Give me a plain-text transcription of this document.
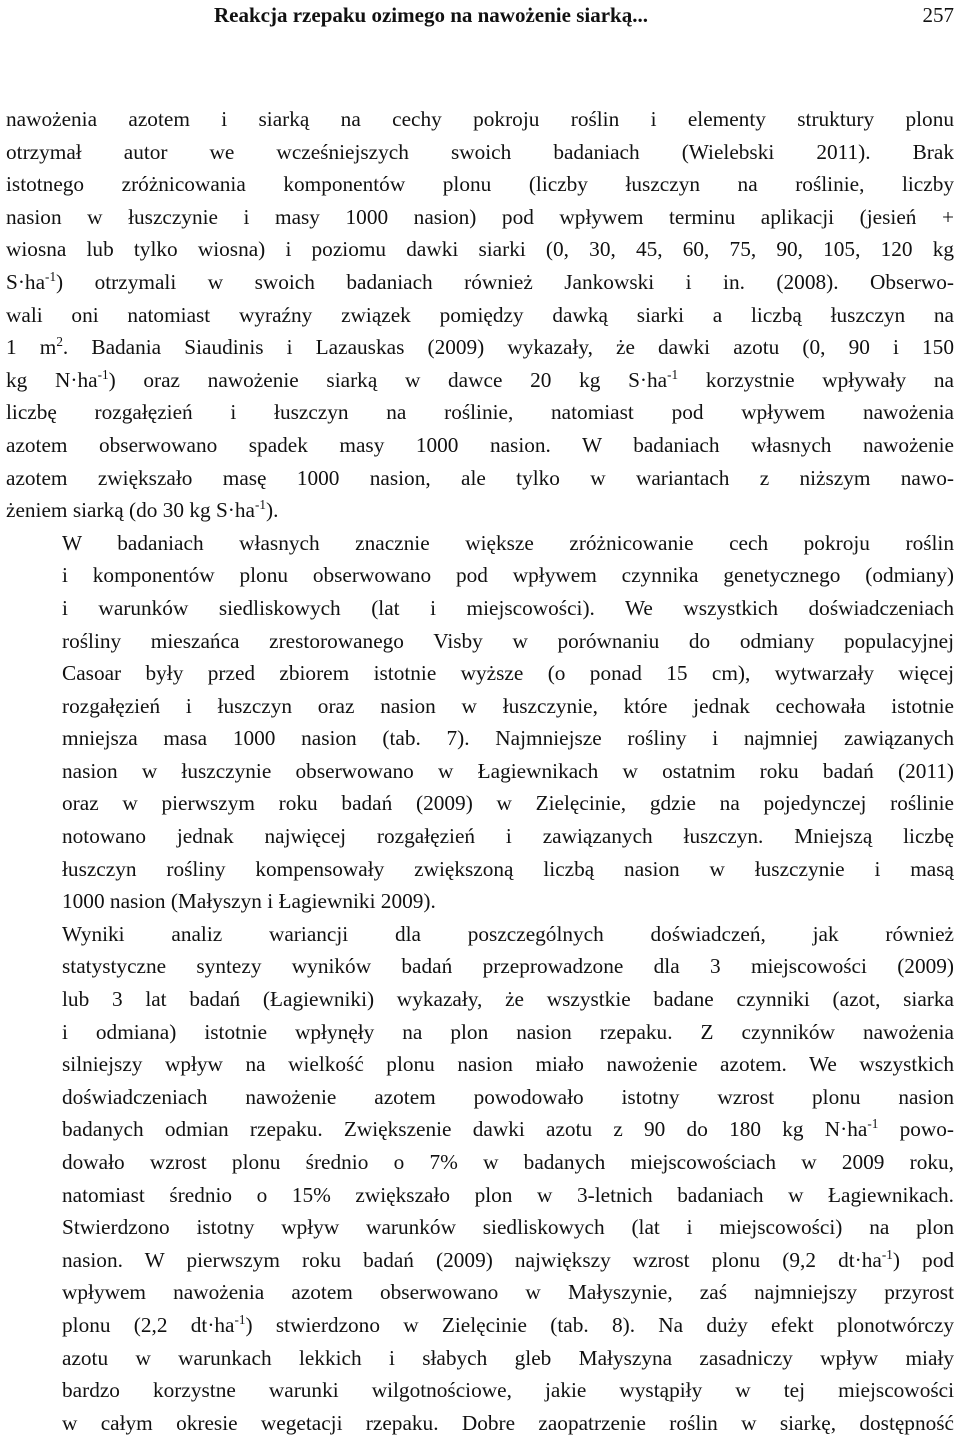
Reakcja rzepaku ozimego na nawożenie siarką...	257

nawożenia azotem i siarką na cechy pokroju roślin i elementy struktury plonu
otrzymał autor we wcześniejszych swoich badaniach (Wielebski 2011). Brak
istotnego zróżnicowania komponentów plonu (liczby łuszczyn na roślinie, liczby
nasion w łuszczynie i masy 1000 nasion) pod wpływem terminu aplikacji (jesień +
wiosna lub tylko wiosna) i poziomu dawki siarki (0, 30, 45, 60, 75, 90, 105, 120 kg
$S\cdot ha^{-1}$) otrzymali w swoich badaniach również Jankowski i in. (2008). Obserwo-
wali oni natomiast wyraźny związek pomiędzy dawką siarki a liczbą łuszczyn na
1 $m^2$. Badania Siaudinis i Lazauskas (2009) wykazały, że dawki azotu (0, 90 i 150
kg $N\cdot ha^{-1}$) oraz nawożenie siarką w dawce 20 kg $S\cdot ha^{-1}$ korzystnie wpływały na
liczbę rozgałęzień i łuszczyn na roślinie, natomiast pod wpływem nawożenia
azotem obserwowano spadek masy 1000 nasion. W badaniach własnych nawożenie
azotem zwiększało masę 1000 nasion, ale tylko w wariantach z niższym nawo-
żeniem siarką (do 30 kg $S\cdot ha^{-1}$).

W badaniach własnych znacznie większe zróżnicowanie cech pokroju roślin
i komponentów plonu obserwowano pod wpływem czynnika genetycznego (odmiany)
i warunków siedliskowych (lat i miejscowości). We wszystkich doświadczeniach
rośliny mieszańca zrestorowanego Visby w porównaniu do odmiany populacyjnej
Casoar były przed zbiorem istotnie wyższe (o ponad 15 cm), wytwarzały więcej
rozgałęzień i łuszczyn oraz nasion w łuszczynie, które jednak cechowała istotnie
mniejsza masa 1000 nasion (tab. 7). Najmniejsze rośliny i najmniej zawiązanych
nasion w łuszczynie obserwowano w Łagiewnikach w ostatnim roku badań (2011)
oraz w pierwszym roku badań (2009) w Zielęcinie, gdzie na pojedynczej roślinie
notowano jednak najwięcej rozgałęzień i zawiązanych łuszczyn. Mniejszą liczbę
łuszczyn rośliny kompensowały zwiększoną liczbą nasion w łuszczynie i masą
1000 nasion (Małyszyn i Łagiewniki 2009).

Wyniki analiz wariancji dla poszczególnych doświadczeń, jak również
statystyczne syntezy wyników badań przeprowadzone dla 3 miejscowości (2009)
lub 3 lat badań (Łagiewniki) wykazały, że wszystkie badane czynniki (azot, siarka
i odmiana) istotnie wpłynęły na plon nasion rzepaku. Z czynników nawożenia
silniejszy wpływ na wielkość plonu nasion miało nawożenie azotem. We wszystkich
doświadczeniach nawożenie azotem powodowało istotny wzrost plonu nasion
badanych odmian rzepaku. Zwiększenie dawki azotu z 90 do 180 kg $N\cdot ha^{-1}$ powo-
dowało wzrost plonu średnio o 7% w badanych miejscowościach w 2009 roku,
natomiast średnio o 15% zwiększało plon w 3-letnich badaniach w Łagiewnikach.
Stwierdzono istotny wpływ warunków siedliskowych (lat i miejscowości) na plon
nasion. W pierwszym roku badań (2009) największy wzrost plonu (9,2 $dt\cdot ha^{-1}$) pod
wpływem nawożenia azotem obserwowano w Małyszynie, zaś najmniejszy przyrost
plonu (2,2 $dt\cdot ha^{-1}$) stwierdzono w Zielęcinie (tab. 8). Na duży efekt plonotwórczy
azotu w warunkach lekkich i słabych gleb Małyszyna zasadniczy wpływ miały
bardzo korzystne warunki wilgotnościowe, jakie wystąpiły w tej miejscowości
w całym okresie wegetacji rzepaku. Dobre zaopatrzenie roślin w siarkę, dostępność
